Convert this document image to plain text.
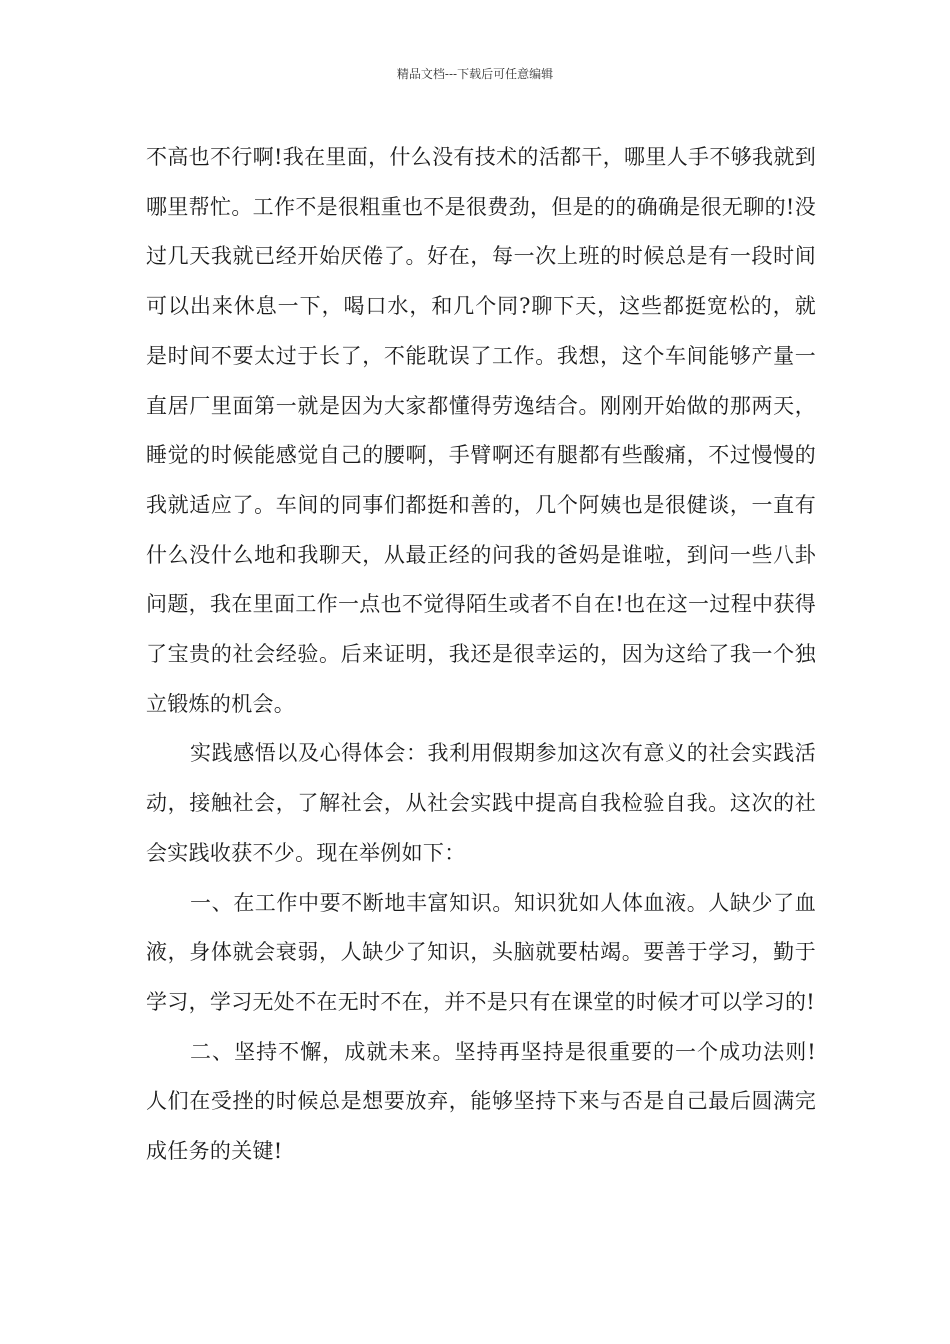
精品文档---下载后可任意编辑

不高也不行啊!我在里面，什么没有技术的活都干，哪里人手不够我就到哪里帮忙。工作不是很粗重也不是很费劲，但是的的确确是很无聊的!没过几天我就已经开始厌倦了。好在，每一次上班的时候总是有一段时间可以出来休息一下，喝口水，和几个同?聊下天，这些都挺宽松的，就是时间不要太过于长了，不能耽误了工作。我想，这个车间能够产量一直居厂里面第一就是因为大家都懂得劳逸结合。刚刚开始做的那两天，睡觉的时候能感觉自己的腰啊，手臂啊还有腿都有些酸痛，不过慢慢的我就适应了。车间的同事们都挺和善的，几个阿姨也是很健谈，一直有什么没什么地和我聊天，从最正经的问我的爸妈是谁啦，到问一些八卦问题，我在里面工作一点也不觉得陌生或者不自在!也在这一过程中获得了宝贵的社会经验。后来证明，我还是很幸运的，因为这给了我一个独立锻炼的机会。

实践感悟以及心得体会：我利用假期参加这次有意义的社会实践活动，接触社会，了解社会，从社会实践中提高自我检验自我。这次的社会实践收获不少。现在举例如下：

一、在工作中要不断地丰富知识。知识犹如人体血液。人缺少了血液，身体就会衰弱，人缺少了知识，头脑就要枯竭。要善于学习，勤于学习，学习无处不在无时不在，并不是只有在课堂的时候才可以学习的!

二、坚持不懈，成就未来。坚持再坚持是很重要的一个成功法则!人们在受挫的时候总是想要放弃，能够坚持下来与否是自己最后圆满完成任务的关键!
